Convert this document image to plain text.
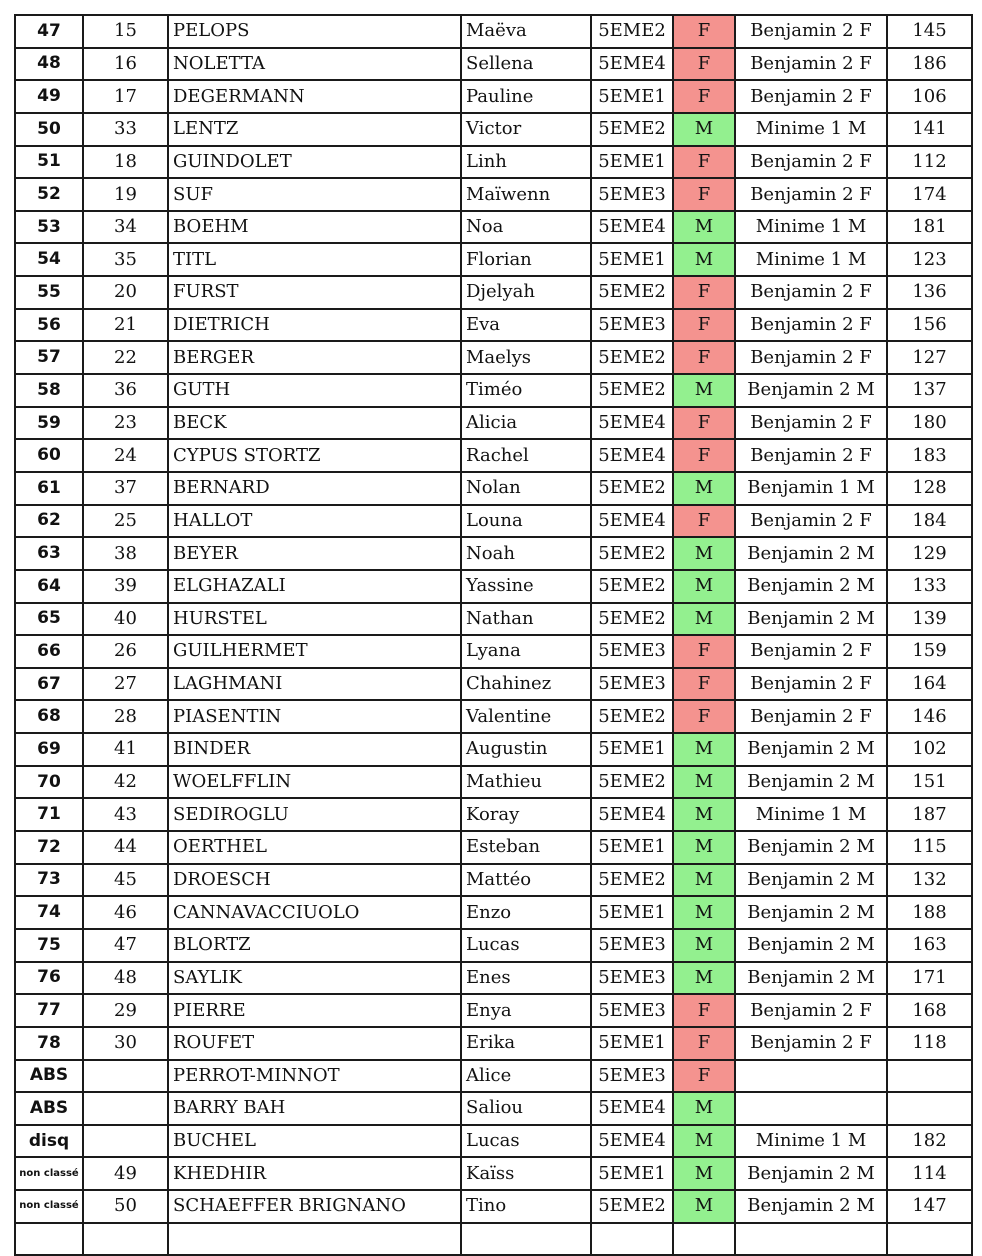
47	15	PELOPS	Maëva	5EME2	F	Benjamin 2 F	145
48	16	NOLETTA	Sellena	5EME4	F	Benjamin 2 F	186
49	17	DEGERMANN	Pauline	5EME1	F	Benjamin 2 F	106
50	33	LENTZ	Victor	5EME2	M	Minime 1 M	141
51	18	GUINDOLET	Linh	5EME1	F	Benjamin 2 F	112
52	19	SUF	Maïwenn	5EME3	F	Benjamin 2 F	174
53	34	BOEHM	Noa	5EME4	M	Minime 1 M	181
54	35	TITL	Florian	5EME1	M	Minime 1 M	123
55	20	FURST	Djelyah	5EME2	F	Benjamin 2 F	136
56	21	DIETRICH	Eva	5EME3	F	Benjamin 2 F	156
57	22	BERGER	Maelys	5EME2	F	Benjamin 2 F	127
58	36	GUTH	Timéo	5EME2	M	Benjamin 2 M	137
59	23	BECK	Alicia	5EME4	F	Benjamin 2 F	180
60	24	CYPUS STORTZ	Rachel	5EME4	F	Benjamin 2 F	183
61	37	BERNARD	Nolan	5EME2	M	Benjamin 1 M	128
62	25	HALLOT	Louna	5EME4	F	Benjamin 2 F	184
63	38	BEYER	Noah	5EME2	M	Benjamin 2 M	129
64	39	ELGHAZALI	Yassine	5EME2	M	Benjamin 2 M	133
65	40	HURSTEL	Nathan	5EME2	M	Benjamin 2 M	139
66	26	GUILHERMET	Lyana	5EME3	F	Benjamin 2 F	159
67	27	LAGHMANI	Chahinez	5EME3	F	Benjamin 2 F	164
68	28	PIASENTIN	Valentine	5EME2	F	Benjamin 2 F	146
69	41	BINDER	Augustin	5EME1	M	Benjamin 2 M	102
70	42	WOELFFLIN	Mathieu	5EME2	M	Benjamin 2 M	151
71	43	SEDIROGLU	Koray	5EME4	M	Minime 1 M	187
72	44	OERTHEL	Esteban	5EME1	M	Benjamin 2 M	115
73	45	DROESCH	Mattéo	5EME2	M	Benjamin 2 M	132
74	46	CANNAVACCIUOLO	Enzo	5EME1	M	Benjamin 2 M	188
75	47	BLORTZ	Lucas	5EME3	M	Benjamin 2 M	163
76	48	SAYLIK	Enes	5EME3	M	Benjamin 2 M	171
77	29	PIERRE	Enya	5EME3	F	Benjamin 2 F	168
78	30	ROUFET	Erika	5EME1	F	Benjamin 2 F	118
ABS		PERROT-MINNOT	Alice	5EME3	F		
ABS		BARRY BAH	Saliou	5EME4	M		
disq		BUCHEL	Lucas	5EME4	M	Minime 1 M	182
non classé	49	KHEDHIR	Kaïss	5EME1	M	Benjamin 2 M	114
non classé	50	SCHAEFFER BRIGNANO	Tino	5EME2	M	Benjamin 2 M	147
